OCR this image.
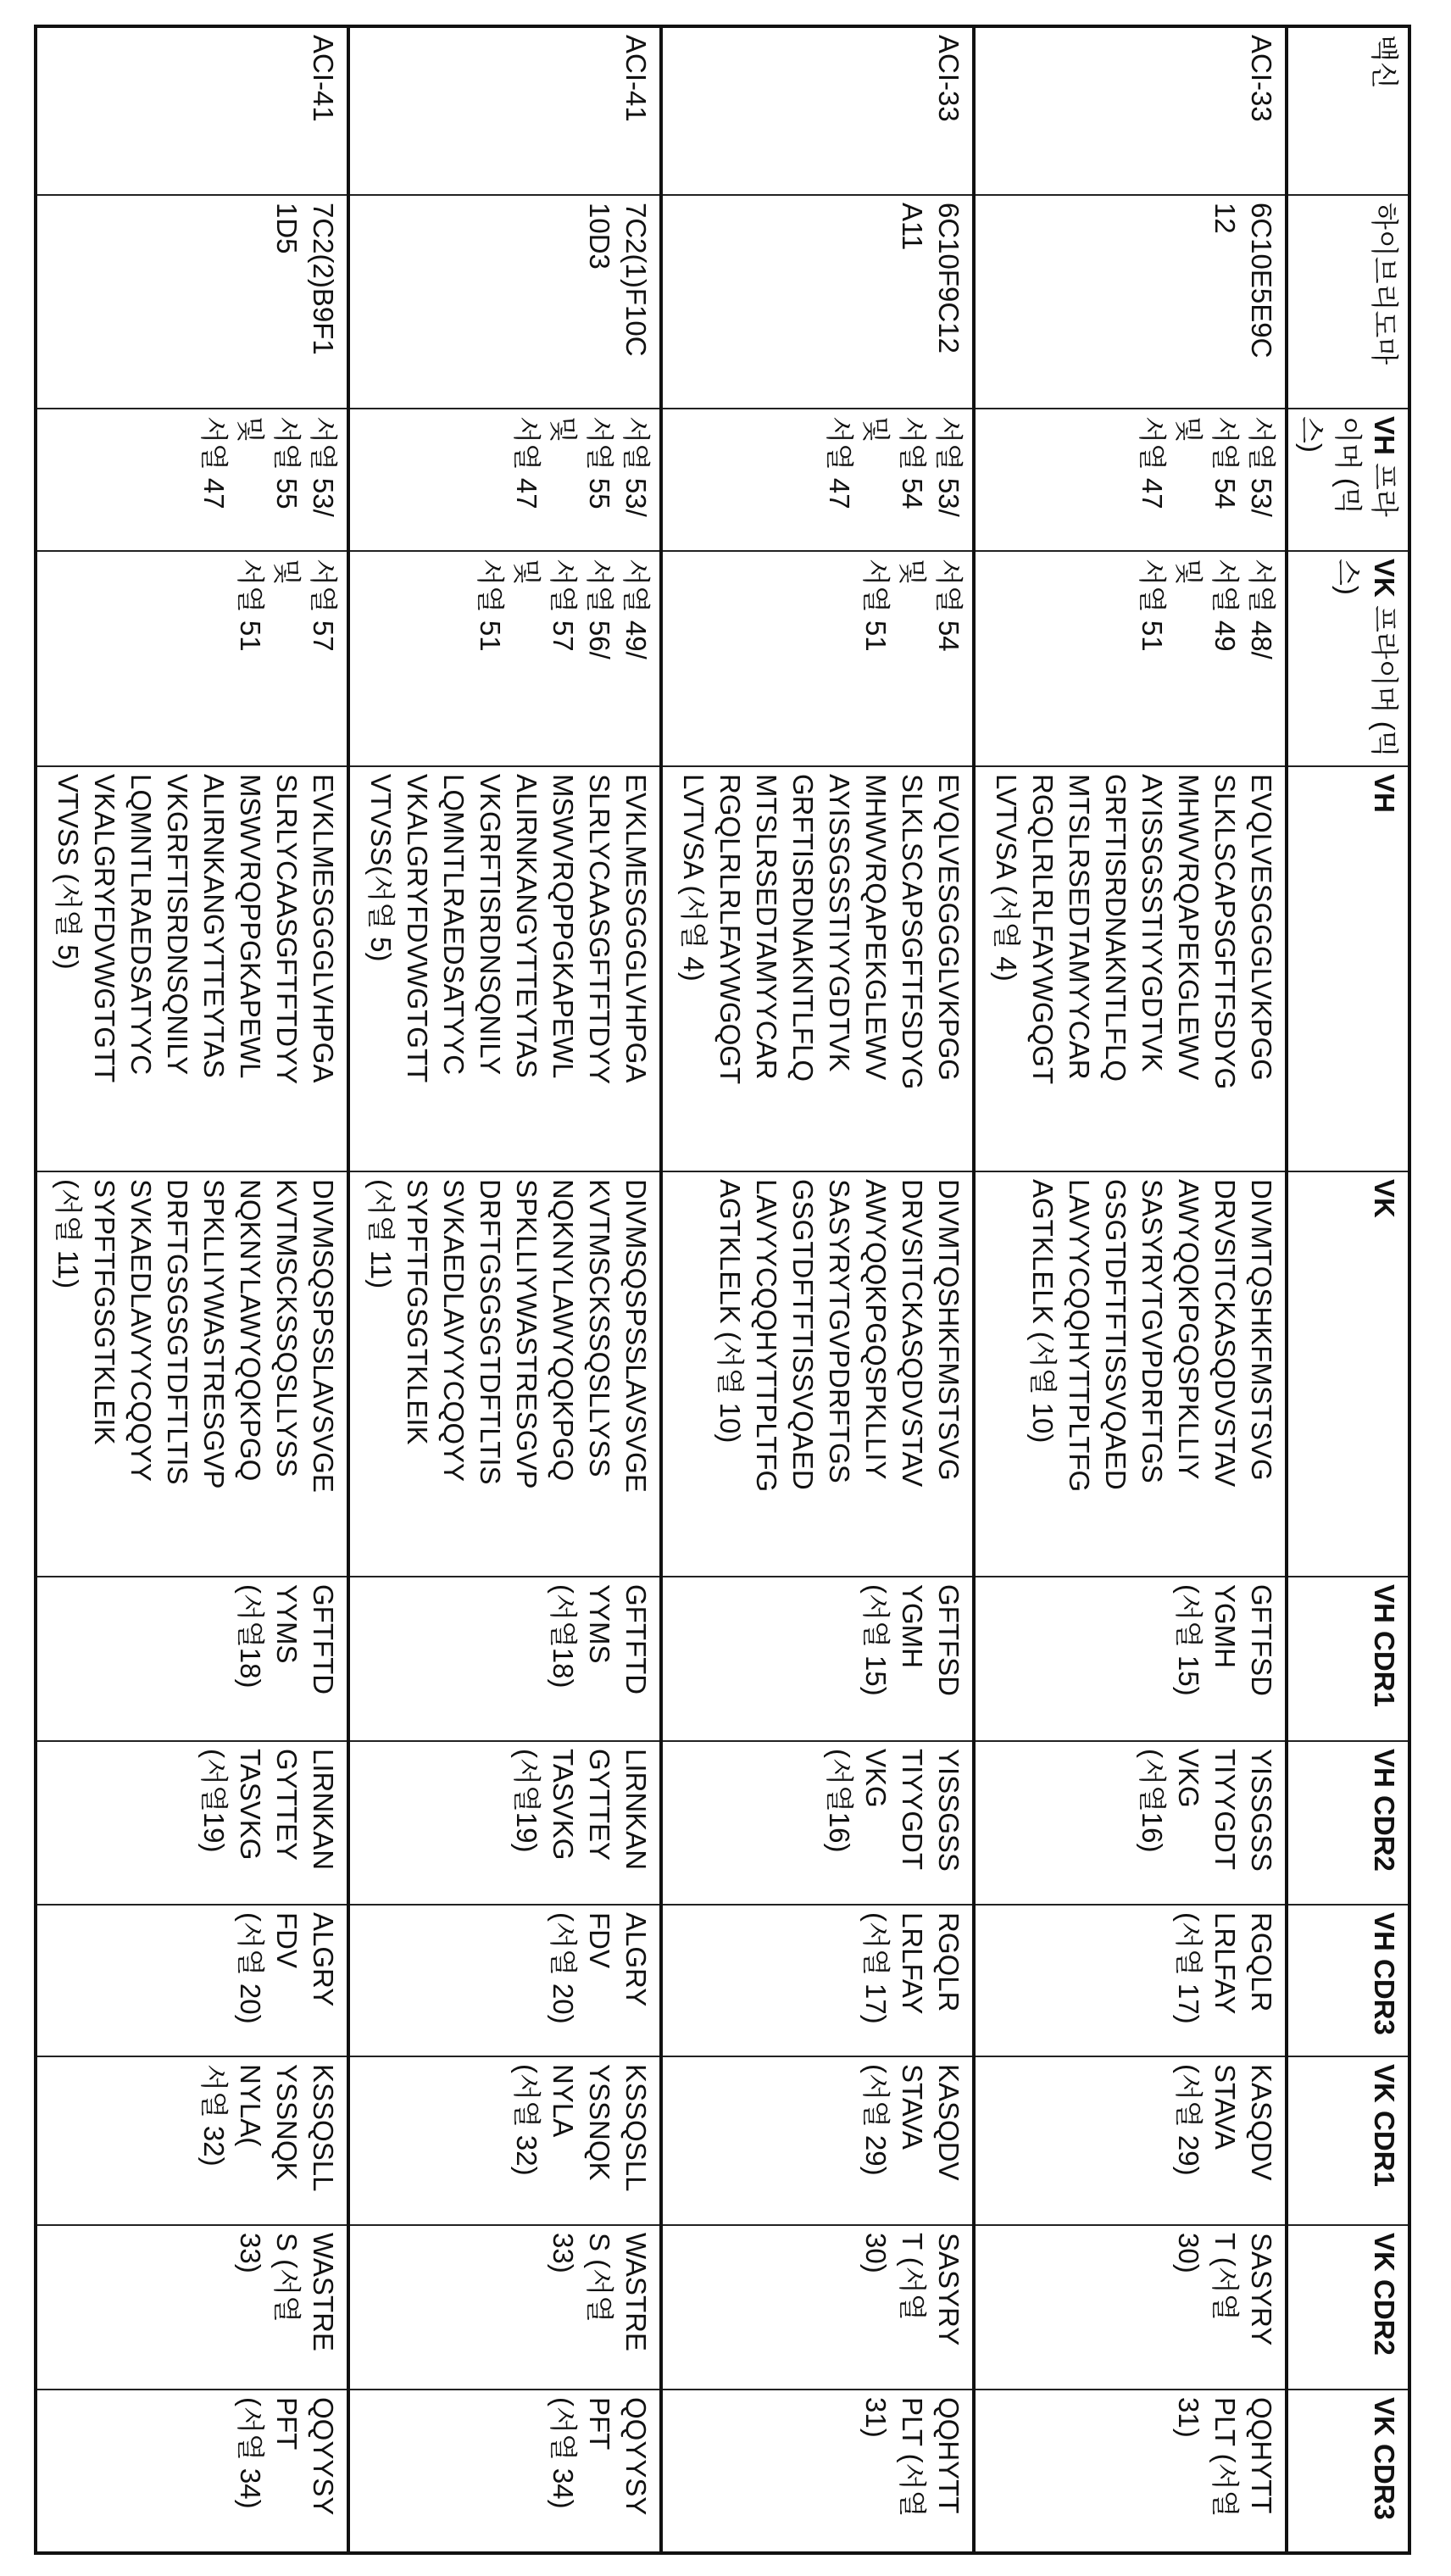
백신	하이브리도마	VH 프라이머 (믹스)	VK 프라이머 (믹스)	VH	VK	VH CDR1	VH CDR2	VH CDR3	VK CDR1	VK CDR2	VK CDR3
ACI-33	6C10E5E9C
12	서열 53/
서열 54
및
서열 47	서열 48/
서열 49
및
서열 51	EVQLVESGGGLVKPGG
SLKLSCAPSGFTFSDYG
MHWVRQAPEKGLEWV
AYISSGSSTIYYGDTVK
GRFTISRDNAKNTLFLQ
MTSLRSEDTAMYYCAR
RGQLRLRLFAYWGQGT
LVTVSA (서열 4)	DIVMTQSHKFMSTSVG
DRVSITCKASQDVSTAV
AWYQQKPGQSPKLLIY
SASYRYTGVPDRFTGS
GSGTDFTFTISSVQAED
LAVYYCQQHYTTPLTFG
AGTKLELK (서열 10)	GFTFSD
YGMH
(서열 15)	YISSGSS
TIYYGDT
VKG
(서열16)	RGQLR
LRLFAY
(서열 17)	KASQDV
STAVA
(서열 29)	SASYRY
T (서열
30)	QQHYTT
PLT (서열
31)
ACI-33	6C10F9C12
A11	서열 53/
서열 54
및
서열 47	서열 54
및
서열 51	EVQLVESGGGLVKPGG
SLKLSCAPSGFTFSDYG
MHWVRQAPEKGLEWV
AYISSGSSTIYYGDTVK
GRFTISRDNAKNTLFLQ
MTSLRSEDTAMYYCAR
RGQLRLRLFAYWGQGT
LVTVSA (서열 4)	DIVMTQSHKFMSTSVG
DRVSITCKASQDVSTAV
AWYQQKPGQSPKLLIY
SASYRYTGVPDRFTGS
GSGTDFTFTISSVQAED
LAVYYCQQHYTTPLTFG
AGTKLELK (서열 10)	GFTFSD
YGMH
(서열 15)	YISSGSS
TIYYGDT
VKG
(서열16)	RGQLR
LRLFAY
(서열 17)	KASQDV
STAVA
(서열 29)	SASYRY
T (서열
30)	QQHYTT
PLT (서열
31)
ACI-41	7C2(1)F10C
10D3	서열 53/
서열 55
및
서열 47	서열 49/
서열 56/
서열 57
및
서열 51	EVKLMESGGGLVHPGA
SLRLYCAASGFTFTDYY
MSWVRQPPGKAPEWL
ALIRNKANGYTTEYTAS
VKGRFTISRDNSQNILY
LQMNTLRAEDSATYYC
VKALGRYFDVWGTGTT
VTVSS(서열 5)	DIVMSQSPSSLAVSVGE
KVTMSCKSSQSLLYSS
NQKNYLAWYQQKPGQ
SPKLLIYWASTRESGVP
DRFTGSGSGTDFTLTIS
SVKAEDLAVYYCQQYY
SYPFTFGSGTKLEIK
(서열 11)	GFTFTD
YYMS
(서열18)	LIRNKAN
GYTTEY
TASVKG
(서열19)	ALGRY
FDV
(서열 20)	KSSQSLL
YSSNQK
NYLA
(서열 32)	WASTRE
S (서열
33)	QQYYSY
PFT
(서열 34)
ACI-41	7C2(2)B9F1
1D5	서열 53/
서열 55
및
서열 47	서열 57
및
서열 51	EVKLMESGGGLVHPGA
SLRLYCAASGFTFTDYY
MSWVRQPPGKAPEWL
ALIRNKANGYTTEYTAS
VKGRFTISRDNSQNILY
LQMNTLRAEDSATYYC
VKALGRYFDVWGTGTT
VTVSS (서열 5)	DIVMSQSPSSLAVSVGE
KVTMSCKSSQSLLYSS
NQKNYLAWYQQKPGQ
SPKLLIYWASTRESGVP
DRFTGSGSGTDFTLTIS
SVKAEDLAVYYCQQYY
SYPFTFGSGTKLEIK
(서열 11)	GFTFTD
YYMS
(서열18)	LIRNKAN
GYTTEY
TASVKG
(서열19)	ALGRY
FDV
(서열 20)	KSSQSLL
YSSNQK
NYLA(
서열 32)	WASTRE
S (서열
33)	QQYYSY
PFT
(서열 34)
